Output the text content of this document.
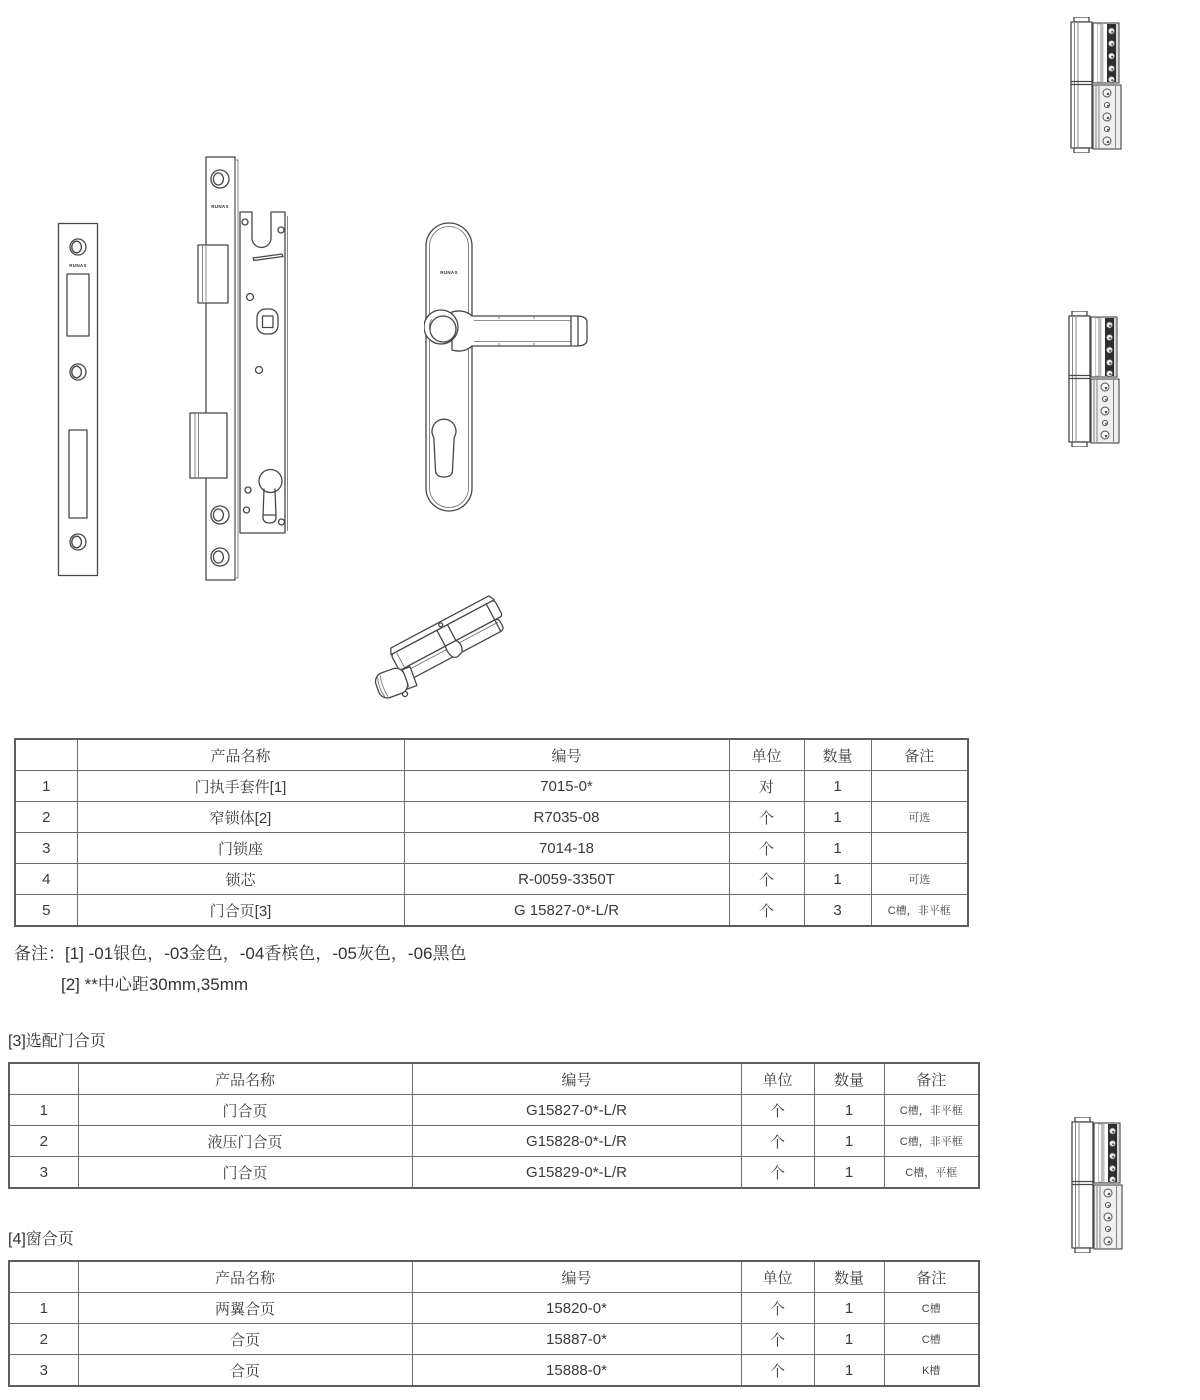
RUNAS
RUNAS
RUNAS
	产品名称	编号	单位	数量	备注
1	门执手套件[1]	7015-0*	对	1	
2	窄锁体[2]	R7035-08	个	1	可选
3	门锁座	7014-18	个	1	
4	锁芯	R-0059-3350T	个	1	可选
5	门合页[3]	G 15827-0*-L/R	个	3	C槽，非平框
备注：[1] -01银色，-03金色，-04香槟色，-05灰色，-06黑色
[2] **中心距30mm,35mm
[3]选配门合页
	产品名称	编号	单位	数量	备注
1	门合页	G15827-0*-L/R	个	1	C槽，非平框
2	液压门合页	G15828-0*-L/R	个	1	C槽，非平框
3	门合页	G15829-0*-L/R	个	1	C槽，平框
[4]窗合页
	产品名称	编号	单位	数量	备注
1	两翼合页	15820-0*	个	1	C槽
2	合页	15887-0*	个	1	C槽
3	合页	15888-0*	个	1	K槽
